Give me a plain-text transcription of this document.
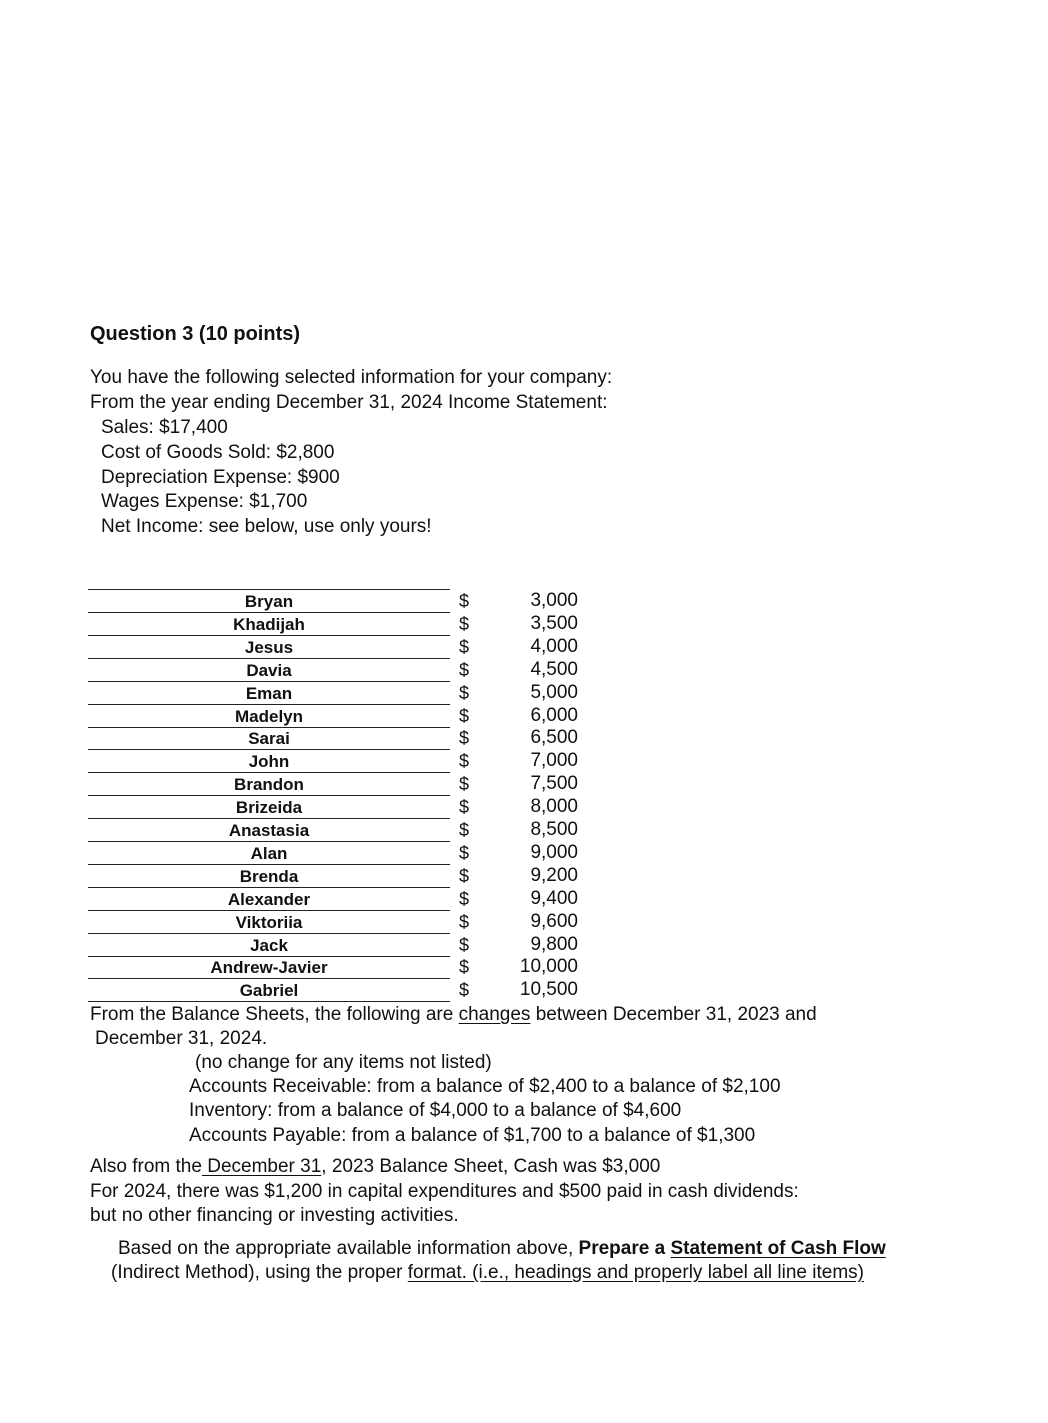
Question 3 (10 points)
You have the following selected information for your company:
From the year ending December 31, 2024 Income Statement:
Sales: $17,400
Cost of Goods Sold: $2,800
Depreciation Expense: $900
Wages Expense: $1,700
Net Income: see below, use only yours!
Bryan	$	3,000
Khadijah	$	3,500
Jesus	$	4,000
Davia	$	4,500
Eman	$	5,000
Madelyn	$	6,000
Sarai	$	6,500
John	$	7,000
Brandon	$	7,500
Brizeida	$	8,000
Anastasia	$	8,500
Alan	$	9,000
Brenda	$	9,200
Alexander	$	9,400
Viktoriia	$	9,600
Jack	$	9,800
Andrew-Javier	$	10,000
Gabriel	$	10,500
From the Balance Sheets, the following are changes between December 31, 2023 and
December 31, 2024.
(no change for any items not listed)
Accounts Receivable: from a balance of $2,400 to a balance of $2,100
Inventory: from a balance of $4,000 to a balance of $4,600
Accounts Payable: from a balance of $1,700 to a balance of $1,300
Also from the December 31, 2023 Balance Sheet, Cash was $3,000
For 2024, there was $1,200 in capital expenditures and $500 paid in cash dividends:
but no other financing or investing activities.
Based on the appropriate available information above, Prepare a Statement of Cash Flow
(Indirect Method), using the proper format. (i.e., headings and properly label all line items)
